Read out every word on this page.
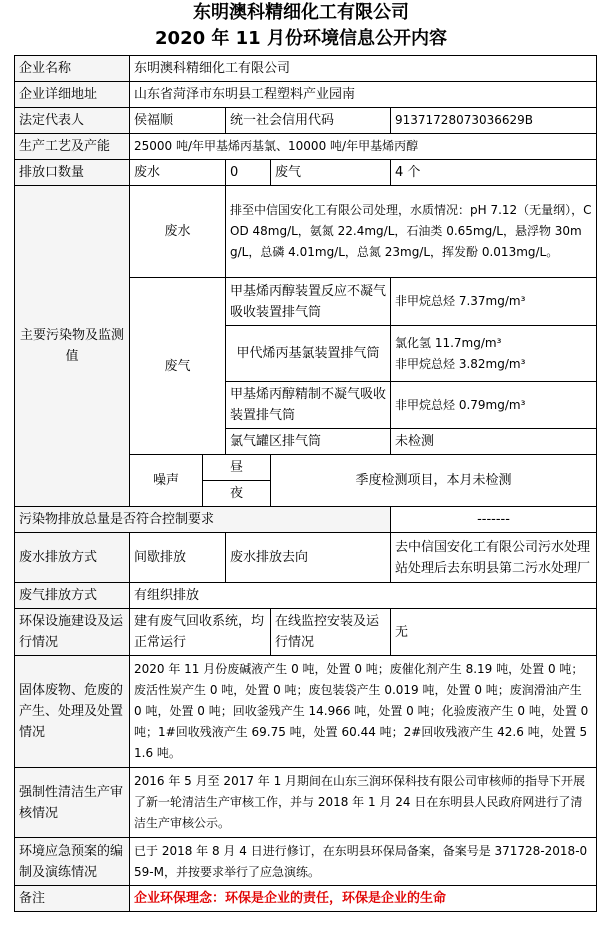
东明澳科精细化工有限公司
2020 年 11 月份环境信息公开内容
企业名称	东明澳科精细化工有限公司				
企业详细地址	山东省菏泽市东明县工程塑料产业园南				
法定代表人	侯福顺		统一社会信用代码		91371728073036629B
生产工艺及产能	25000 吨/年甲基烯丙基氯、10000 吨/年甲基烯丙醇				
排放口数量	废水		0	废气	4 个
主要污染物及监测值	废水		排至中信国安化工有限公司处理，水质情况：pH 7.12（无量纲），COD 48mg/L，氨氮 22.4mg/L，石油类 0.65mg/L，悬浮物 30mg/L，总磷 4.01mg/L，总氮 23mg/L，挥发酚 0.013mg/L。		
	废气		甲基烯丙醇装置反应不凝气吸收装置排气筒		非甲烷总烃 7.37mg/m³
			甲代烯丙基氯装置排气筒		氯化氢 11.7mg/m³
非甲烷总烃 3.82mg/m³

			甲基烯丙醇精制不凝气吸收装置排气筒		非甲烷总烃 0.79mg/m³
			氯气罐区排气筒		未检测
	噪声	昼		季度检测项目，本月未检测	
		夜			
污染物排放总量是否符合控制要求					-------
废水排放方式	间歇排放		废水排放去向		去中信国安化工有限公司污水处理站处理后去东明县第二污水处理厂
废气排放方式	有组织排放				
环保设施建设及运行情况	建有废气回收系统，均正常运行			在线监控安装及运行情况	无
固体废物、危废的产生、处理及处置情况	2020 年 11 月份废碱液产生 0 吨，处置 0 吨；废催化剂产生 8.19 吨，处置 0 吨；废活性炭产生 0 吨，处置 0 吨；废包装袋产生 0.019 吨，处置 0 吨；废润滑油产生 0 吨，处置 0 吨；回收釜残产生 14.966 吨，处置 0 吨；化验废液产生 0 吨，处置 0 吨；1#回收残液产生 69.75 吨，处置 60.44 吨；2#回收残液产生 42.6 吨，处置 51.6 吨。				
强制性清洁生产审核情况	2016 年 5 月至 2017 年 1 月期间在山东三润环保科技有限公司审核师的指导下开展了新一轮清洁生产审核工作，并与 2018 年 1 月 24 日在东明县人民政府网进行了清洁生产审核公示。				
环境应急预案的编制及演练情况	已于 2018 年 8 月 4 日进行修订，在东明县环保局备案，备案号是 371728-2018-059-M，并按要求举行了应急演练。				
备注	企业环保理念：环保是企业的责任，环保是企业的生命				
